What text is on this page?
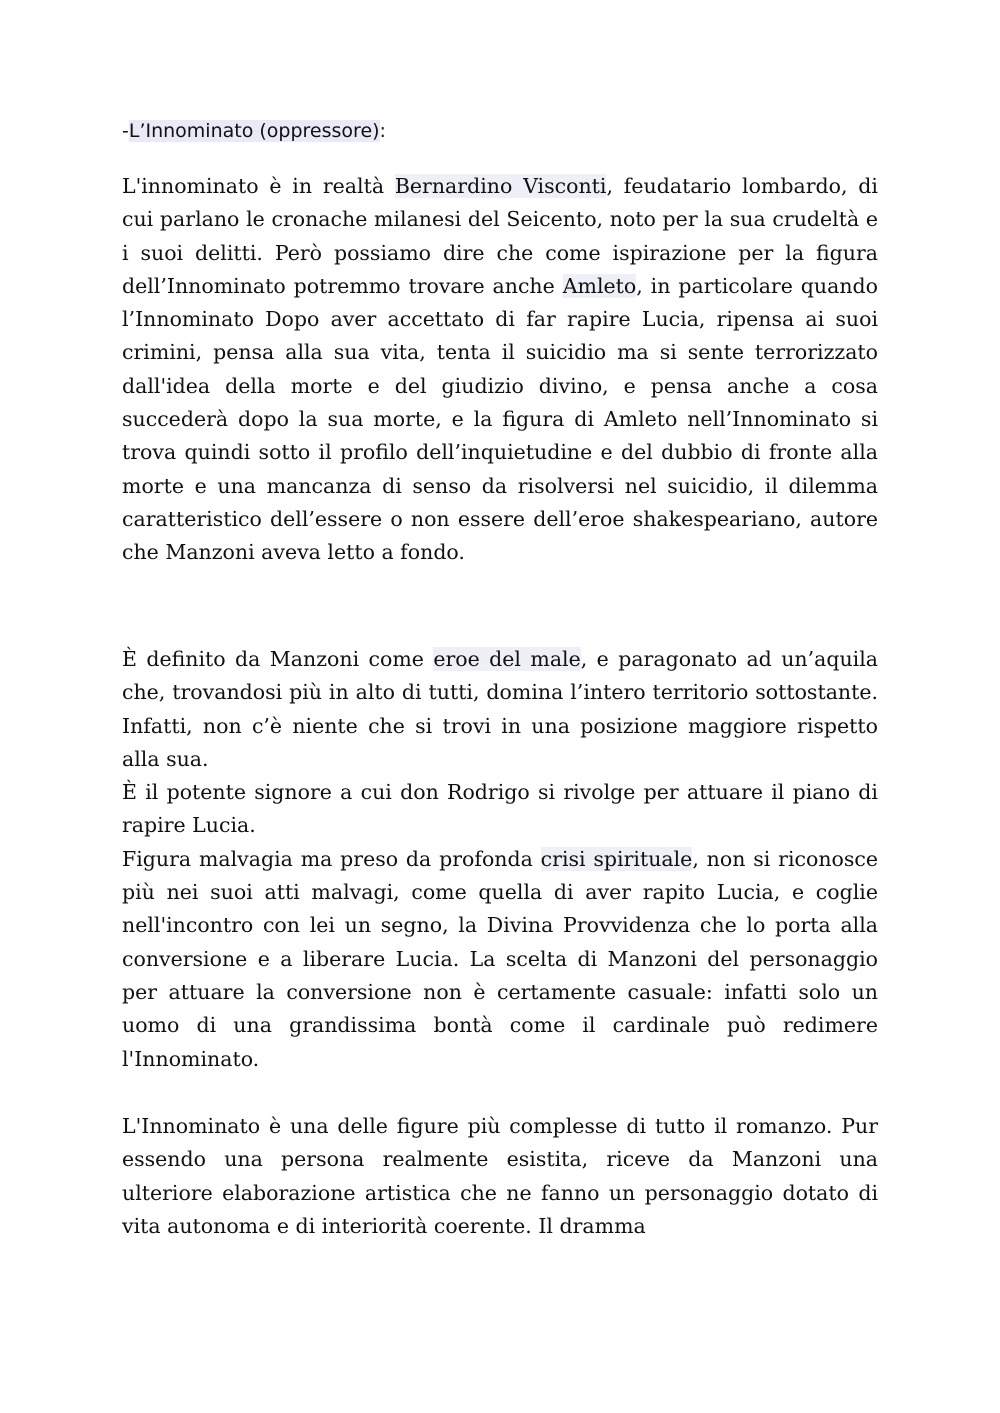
-L’Innominato (oppressore):

L'innominato è in realtà Bernardino Visconti, feudatario lombardo, di cui parlano le cronache milanesi del Seicento, noto per la sua crudeltà e i suoi delitti. Però possiamo dire che come ispirazione per la figura dell’Innominato potremmo trovare anche Amleto, in particolare quando l’Innominato Dopo aver accettato di far rapire Lucia, ripensa ai suoi crimini, pensa alla sua vita, tenta il suicidio ma si sente terrorizzato dall'idea della morte e del giudizio divino, e pensa anche a cosa succederà dopo la sua morte, e la figura di Amleto nell’Innominato si trova quindi sotto il profilo dell’inquietudine e del dubbio di fronte alla morte e una mancanza di senso da risolversi nel suicidio, il dilemma caratteristico dell’essere o non essere dell’eroe shakespeariano, autore che Manzoni aveva letto a fondo.

È definito da Manzoni come eroe del male, e paragonato ad un’aquila che, trovandosi più in alto di tutti, domina l’intero territorio sottostante. Infatti, non c’è niente che si trovi in una posizione maggiore rispetto alla sua.

È il potente signore a cui don Rodrigo si rivolge per attuare il piano di rapire Lucia.

Figura malvagia ma preso da profonda crisi spirituale, non si riconosce più nei suoi atti malvagi, come quella di aver rapito Lucia, e coglie nell'incontro con lei un segno, la Divina Provvidenza che lo porta alla conversione e a liberare Lucia. La scelta di Manzoni del personaggio per attuare la conversione non è certamente casuale: infatti solo un uomo di una grandissima bontà come il cardinale può redimere l'Innominato.

L'Innominato è una delle figure più complesse di tutto il romanzo. Pur essendo una persona realmente esistita, riceve da Manzoni una ulteriore elaborazione artistica che ne fanno un personaggio dotato di vita autonoma e di interiorità coerente. Il dramma
